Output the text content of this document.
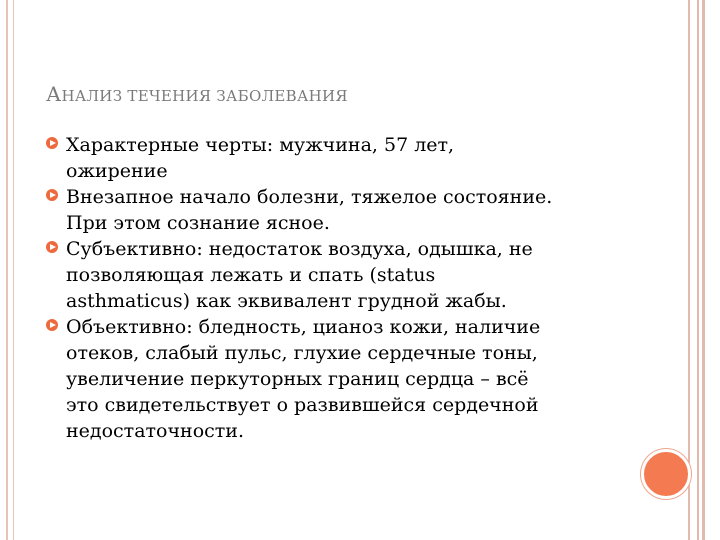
АНАЛИЗ ТЕЧЕНИЯ ЗАБОЛЕВАНИЯ
Характерные черты: мужчина, 57 лет,
ожирение
Внезапное начало болезни, тяжелое состояние.
При этом сознание ясное.
Субъективно: недостаток воздуха, одышка, не
позволяющая лежать и спать (status
asthmaticus) как эквивалент грудной жабы.
Объективно: бледность, цианоз кожи, наличие
отеков, слабый пульс, глухие сердечные тоны,
увеличение перкуторных границ сердца – всё
это свидетельствует о развившейся сердечной
недостаточности.
